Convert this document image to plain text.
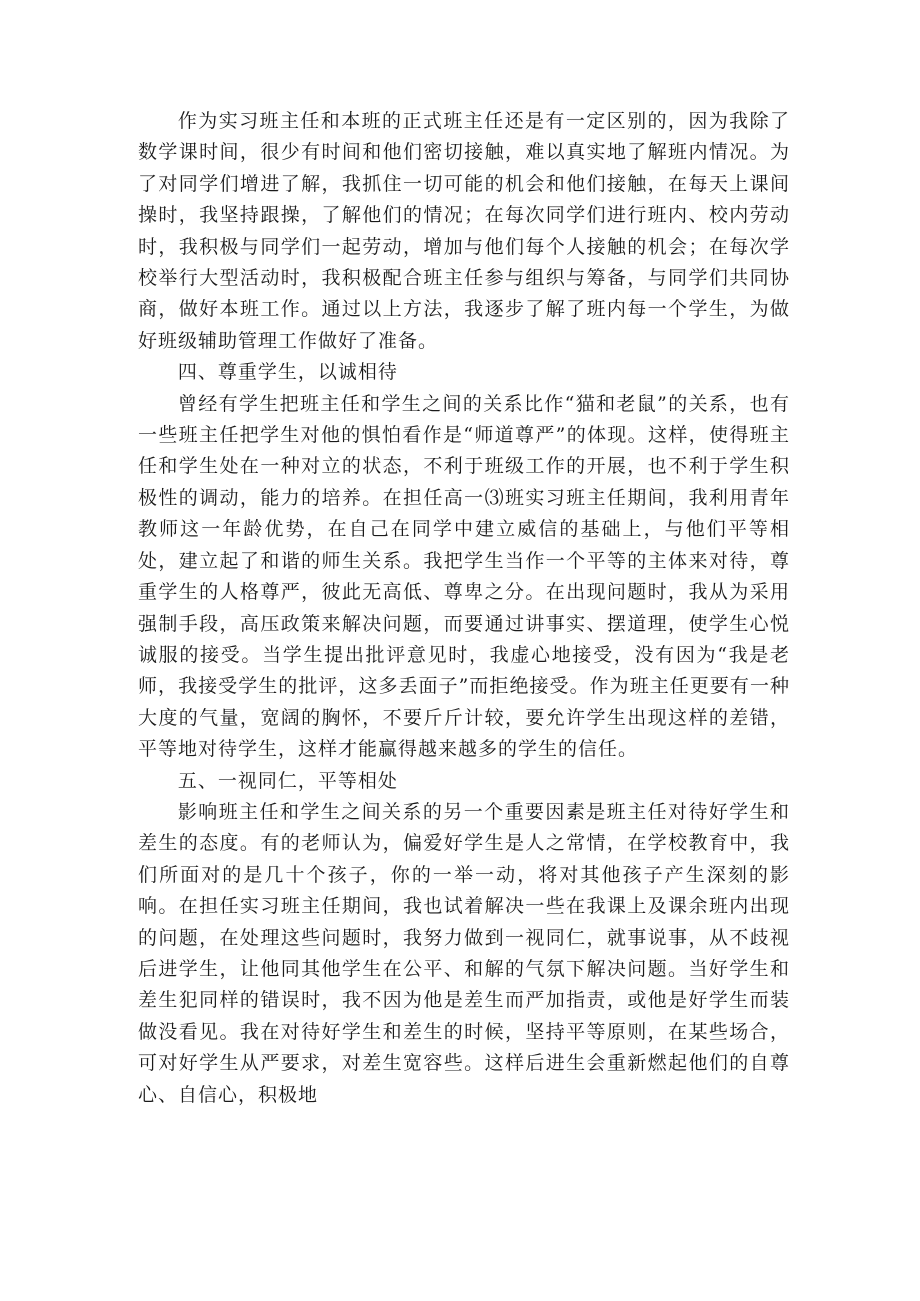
作为实习班主任和本班的正式班主任还是有一定区别的，因为我除了数学课时间，很少有时间和他们密切接触，难以真实地了解班内情况。为了对同学们增进了解，我抓住一切可能的机会和他们接触，在每天上课间操时，我坚持跟操，了解他们的情况；在每次同学们进行班内、校内劳动时，我积极与同学们一起劳动，增加与他们每个人接触的机会；在每次学校举行大型活动时，我积极配合班主任参与组织与筹备，与同学们共同协商，做好本班工作。通过以上方法，我逐步了解了班内每一个学生，为做好班级辅助管理工作做好了准备。

四、尊重学生，以诚相待

曾经有学生把班主任和学生之间的关系比作“猫和老鼠”的关系，也有一些班主任把学生对他的惧怕看作是“师道尊严”的体现。这样，使得班主任和学生处在一种对立的状态，不利于班级工作的开展，也不利于学生积极性的调动，能力的培养。在担任高一⑶班实习班主任期间，我利用青年教师这一年龄优势，在自己在同学中建立威信的基础上，与他们平等相处，建立起了和谐的师生关系。我把学生当作一个平等的主体来对待，尊重学生的人格尊严，彼此无高低、尊卑之分。在出现问题时，我从为采用强制手段，高压政策来解决问题，而要通过讲事实、摆道理，使学生心悦诚服的接受。当学生提出批评意见时，我虚心地接受，没有因为“我是老师，我接受学生的批评，这多丢面子”而拒绝接受。作为班主任更要有一种大度的气量，宽阔的胸怀，不要斤斤计较，要允许学生出现这样的差错，平等地对待学生，这样才能赢得越来越多的学生的信任。

五、一视同仁，平等相处

影响班主任和学生之间关系的另一个重要因素是班主任对待好学生和差生的态度。有的老师认为，偏爱好学生是人之常情，在学校教育中，我们所面对的是几十个孩子，你的一举一动，将对其他孩子产生深刻的影响。在担任实习班主任期间，我也试着解决一些在我课上及课余班内出现的问题，在处理这些问题时，我努力做到一视同仁，就事说事，从不歧视后进学生，让他同其他学生在公平、和解的气氛下解决问题。当好学生和差生犯同样的错误时，我不因为他是差生而严加指责，或他是好学生而装做没看见。我在对待好学生和差生的时候，坚持平等原则，在某些场合，可对好学生从严要求，对差生宽容些。这样后进生会重新燃起他们的自尊心、自信心，积极地
